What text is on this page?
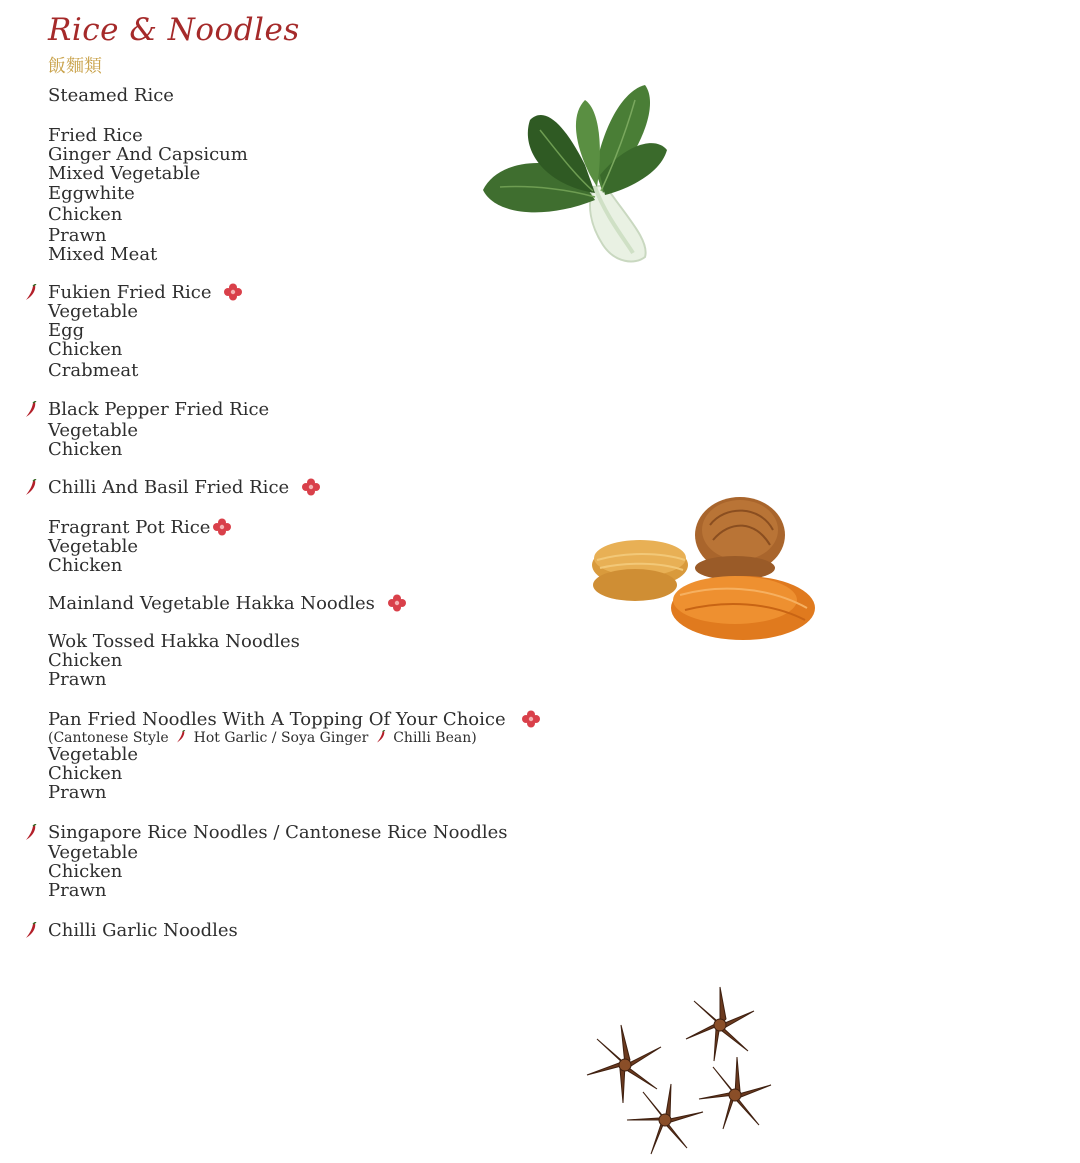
Rice & Noodles
飯麵類
Steamed Rice
Fried Rice
Ginger And Capsicum
Mixed Vegetable
Eggwhite
Chicken
Prawn
Mixed Meat
Fukien Fried Rice
Vegetable
Egg
Chicken
Crabmeat
Black Pepper Fried Rice
Vegetable
Chicken
Chilli And Basil Fried Rice
Fragrant Pot Rice
Vegetable
Chicken
Mainland Vegetable Hakka Noodles
Wok Tossed Hakka Noodles
Chicken
Prawn
Pan Fried Noodles With A Topping Of Your Choice
(Cantonese Style Hot Garlic / Soya Ginger Chilli Bean)
Vegetable
Chicken
Prawn
Singapore Rice Noodles / Cantonese Rice Noodles
Vegetable
Chicken
Prawn
Chilli Garlic Noodles
